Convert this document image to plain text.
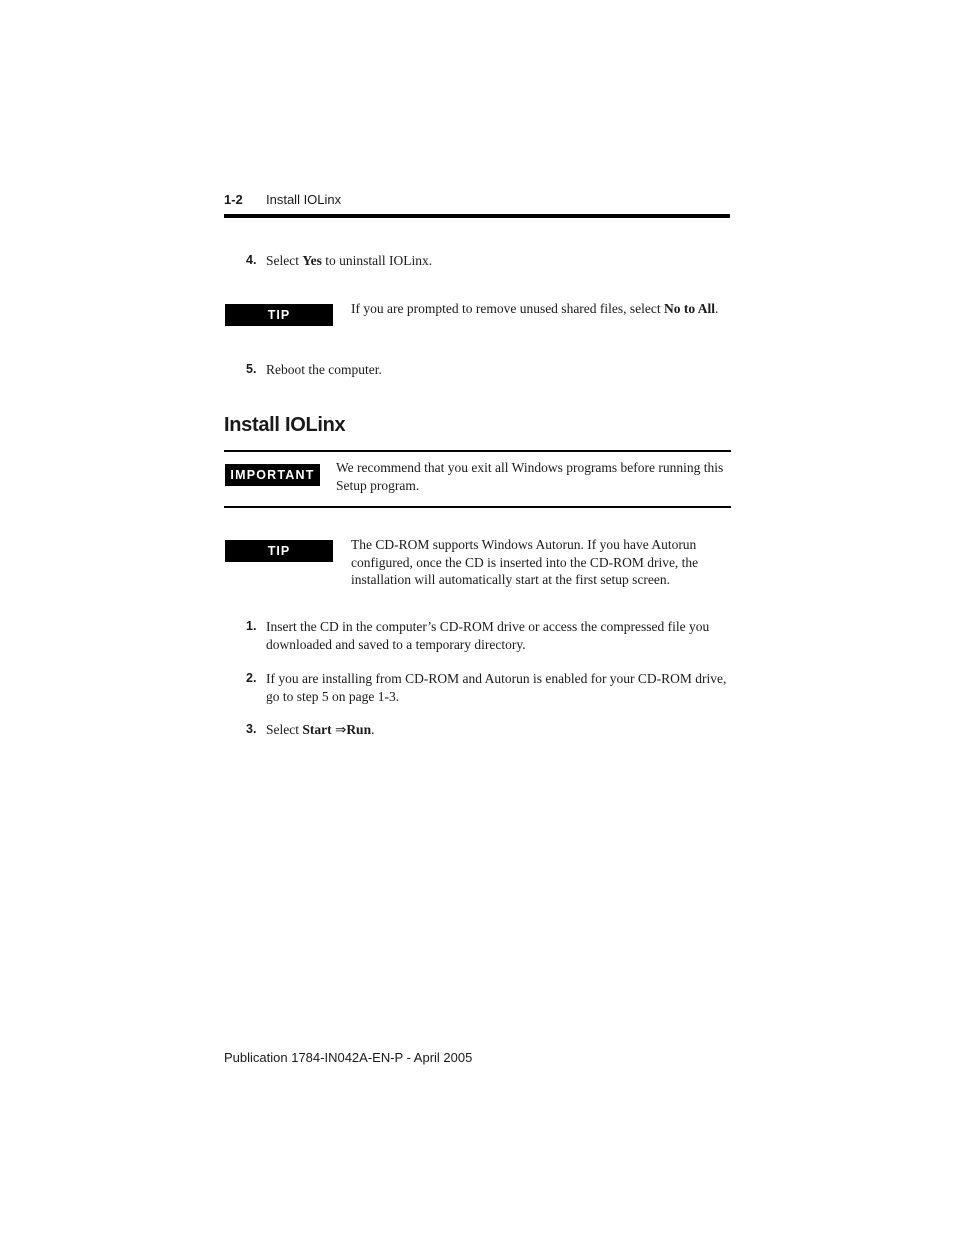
1-2 Install IOLinx
4. Select Yes to uninstall IOLinx.
TIP	If you are prompted to remove unused shared files, select No to All.
5. Reboot the computer.
Install IOLinx
IMPORTANT	We recommend that you exit all Windows programs before running this Setup program.
TIP	The CD-ROM supports Windows Autorun. If you have Autorun configured, once the CD is inserted into the CD-ROM drive, the installation will automatically start at the first setup screen.
1. Insert the CD in the computer’s CD-ROM drive or access the compressed file you downloaded and saved to a temporary directory.
2. If you are installing from CD-ROM and Autorun is enabled for your CD-ROM drive, go to step 5 on page 1-3.
3. Select Start ⇒Run.
Publication 1784-IN042A-EN-P - April 2005
